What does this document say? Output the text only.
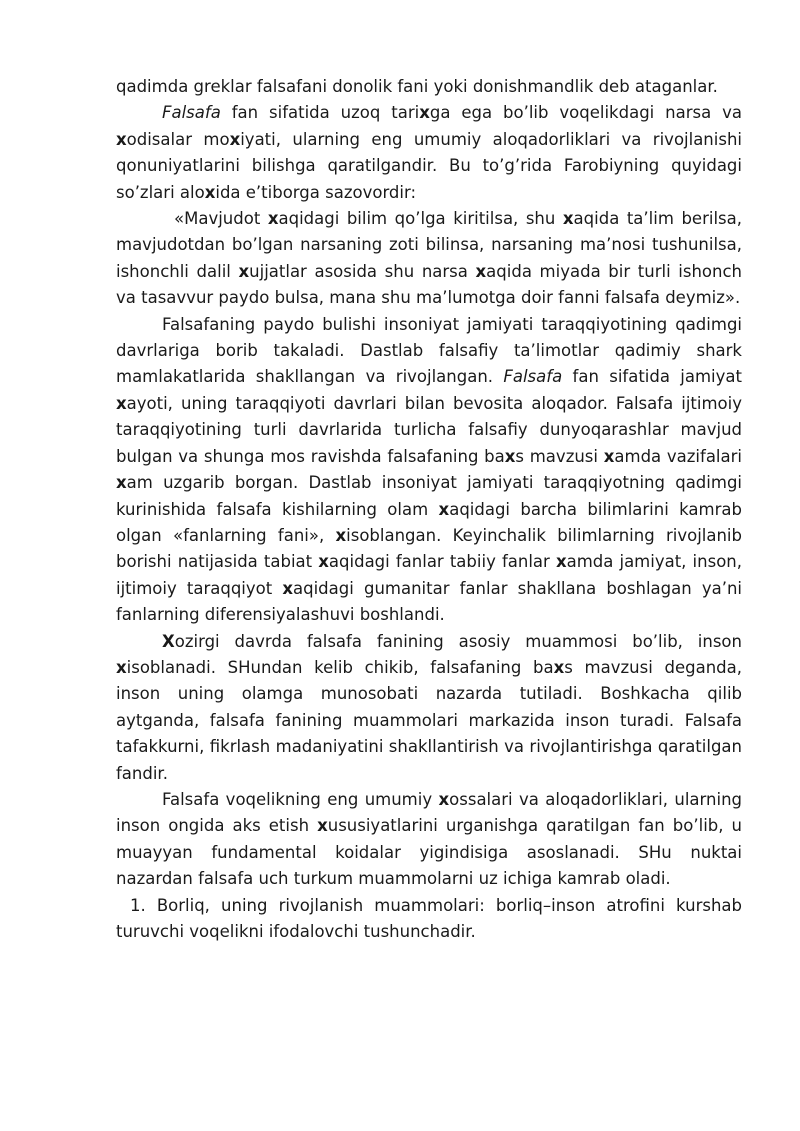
qadimda greklar falsafani donolik fani yoki donishmandlik deb ataganlar.

Falsafa fan sifatida uzoq tarixga ega bo’lib voqelikdagi narsa va xodisalar moxiyati, ularning eng umumiy aloqadorliklari va rivojlanishi qonuniyatlarini bilishga qaratilgandir. Bu to’g’rida Farobiyning quyidagi so’zlari aloxida e’tiborga sazovordir:

«Mavjudot xaqidagi bilim qo’lga kiritilsa, shu xaqida ta’lim berilsa, mavjudotdan bo’lgan narsaning zoti bilinsa, narsaning ma’nosi tushunilsa, ishonchli dalil xujjatlar asosida shu narsa xaqida miyada bir turli ishonch va tasavvur paydo bulsa, mana shu ma’lumotga doir fanni falsafa deymiz».

Falsafaning paydo bulishi insoniyat jamiyati taraqqiyotining qadimgi davrlariga borib takaladi. Dastlab falsafiy ta’limotlar qadimiy shark mamlakatlarida shakllangan va rivojlangan. Falsafa fan sifatida jamiyat xayoti, uning taraqqiyoti davrlari bilan bevosita aloqador. Falsafa ijtimoiy taraqqiyotining turli davrlarida turlicha falsafiy dunyoqarashlar mavjud bulgan va shunga mos ravishda falsafaning baxs mavzusi xamda vazifalari xam uzgarib borgan. Dastlab insoniyat jamiyati taraqqiyotning qadimgi kurinishida falsafa kishilarning olam xaqidagi barcha bilimlarini kamrab olgan «fanlarning fani», xisoblangan. Keyinchalik bilimlarning rivojlanib borishi natijasida tabiat xaqidagi fanlar tabiiy fanlar xamda jamiyat, inson, ijtimoiy taraqqiyot xaqidagi gumanitar fanlar shakllana boshlagan ya’ni fanlarning diferensiyalashuvi boshlandi.

Xozirgi davrda falsafa fanining asosiy muammosi bo’lib, inson xisoblanadi. SHundan kelib chikib, falsafaning baxs mavzusi deganda, inson uning olamga munosobati nazarda tutiladi. Boshkacha qilib aytganda, falsafa fanining muammolari markazida inson turadi. Falsafa tafakkurni, fikrlash madaniyatini shakllantirish va rivojlantirishga qaratilgan fandir.

Falsafa voqelikning eng umumiy xossalari va aloqadorliklari, ularning inson ongida aks etish xususiyatlarini urganishga qaratilgan fan bo’lib, u muayyan fundamental koidalar yigindisiga asoslanadi. SHu nuktai nazardan falsafa uch turkum muammolarni uz ichiga kamrab oladi.

1. Borliq, uning rivojlanish muammolari: borliq–inson atrofini kurshab turuvchi voqelikni ifodalovchi tushunchadir.
